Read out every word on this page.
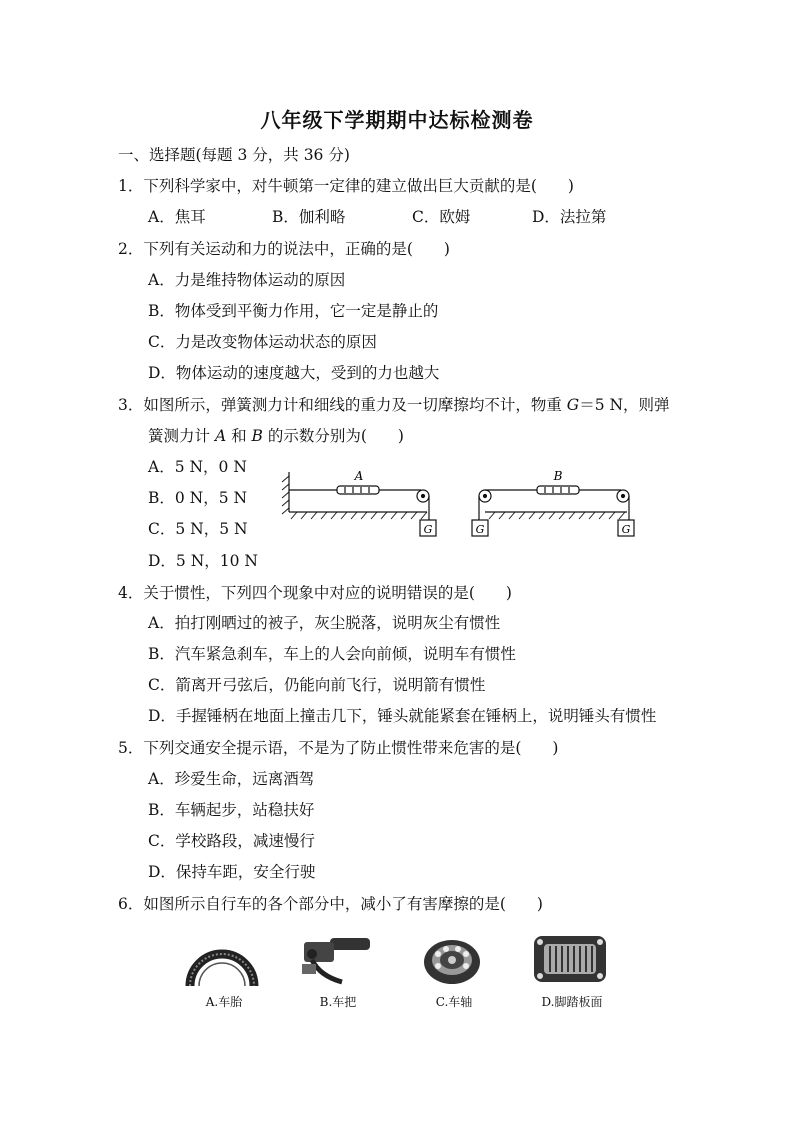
八年级下学期期中达标检测卷
一、选择题(每题 3 分，共 36 分)
1．下列科学家中，对牛顿第一定律的建立做出巨大贡献的是(　　)
A．焦耳	B．伽利略	C．欧姆	D．法拉第
2．下列有关运动和力的说法中，正确的是(　　)
A．力是维持物体运动的原因
B．物体受到平衡力作用，它一定是静止的
C．力是改变物体运动状态的原因
D．物体运动的速度越大，受到的力也越大
3．如图所示，弹簧测力计和细线的重力及一切摩擦均不计，物重 G＝5 N，则弹
簧测力计 A 和 B 的示数分别为(　　)
A．5 N，0 N
B．0 N，5 N
C．5 N，5 N
D．5 N，10 N
A
G
B
G	G
4．关于惯性，下列四个现象中对应的说明错误的是(　　)
A．拍打刚晒过的被子，灰尘脱落，说明灰尘有惯性
B．汽车紧急刹车，车上的人会向前倾，说明车有惯性
C．箭离开弓弦后，仍能向前飞行，说明箭有惯性
D．手握锤柄在地面上撞击几下，锤头就能紧套在锤柄上，说明锤头有惯性
5．下列交通安全提示语，不是为了防止惯性带来危害的是(　　)
A．珍爱生命，远离酒驾
B．车辆起步，站稳扶好
C．学校路段，减速慢行
D．保持车距，安全行驶
6．如图所示自行车的各个部分中，减小了有害摩擦的是(　　)
A.车胎	B.车把	C.车轴	D.脚踏板面
